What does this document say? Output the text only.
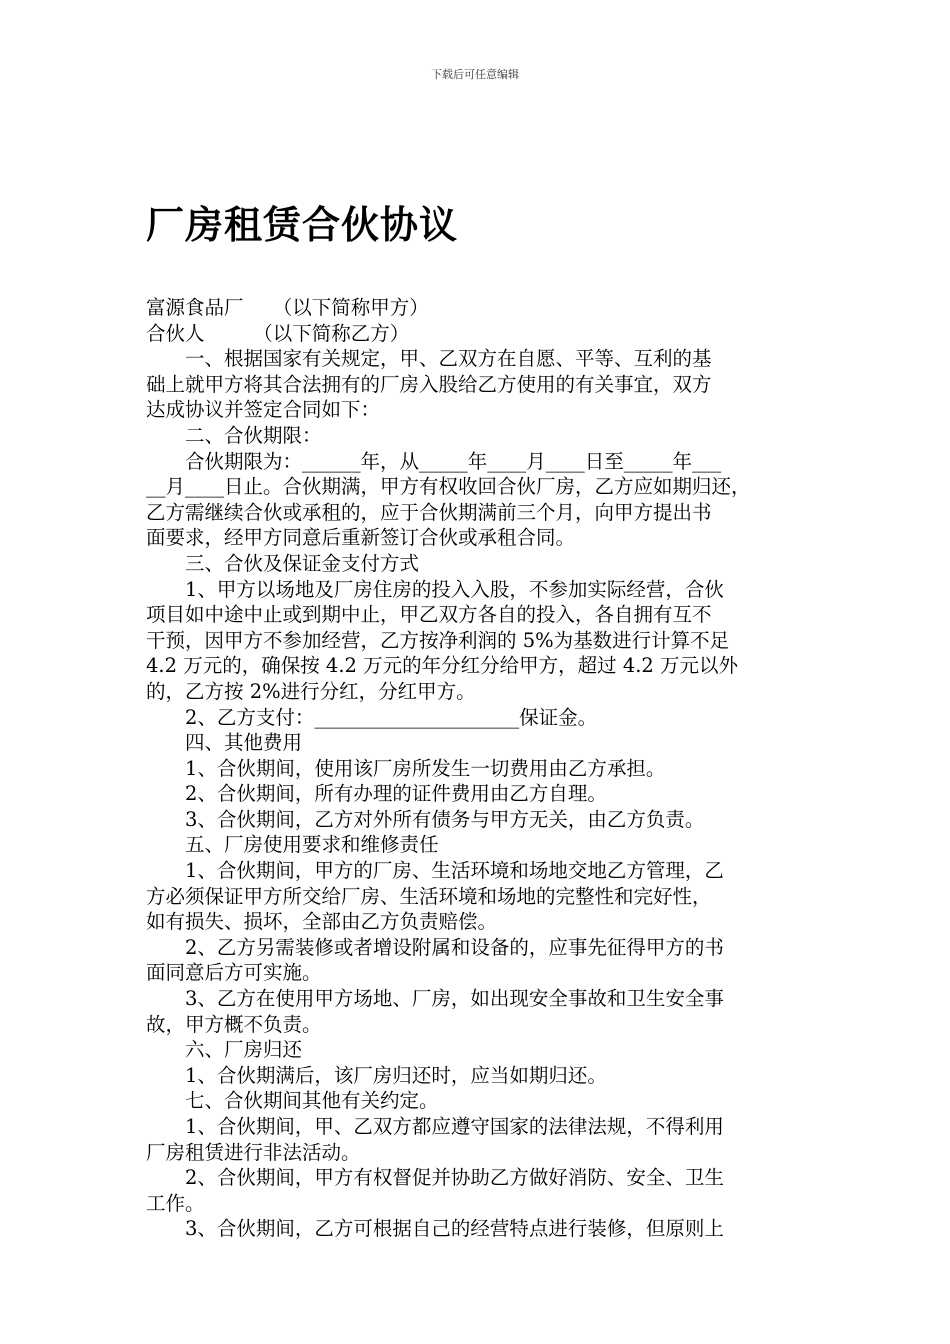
下载后可任意编辑
厂房租赁合伙协议
富源食品厂　　（以下简称甲方）
合伙人　　　（以下简称乙方）
　　一、根据国家有关规定，甲、乙双方在自愿、平等、互利的基
础上就甲方将其合法拥有的厂房入股给乙方使用的有关事宜，双方
达成协议并签定合同如下：
　　二、合伙期限：
　　合伙期限为：______年，从_____年____月____日至_____年___
__月____日止。合伙期满，甲方有权收回合伙厂房，乙方应如期归还，
乙方需继续合伙或承租的，应于合伙期满前三个月，向甲方提出书
面要求，经甲方同意后重新签订合伙或承租合同。
　　三、合伙及保证金支付方式
　　1、甲方以场地及厂房住房的投入入股，不参加实际经营，合伙
项目如中途中止或到期中止，甲乙双方各自的投入，各自拥有互不
干预，因甲方不参加经营，乙方按净利润的 5%为基数进行计算不足
4.2 万元的，确保按 4.2 万元的年分红分给甲方，超过 4.2 万元以外
的，乙方按 2%进行分红，分红甲方。
　　2、乙方支付：_____________________保证金。
　　四、其他费用
　　1、合伙期间，使用该厂房所发生一切费用由乙方承担。
　　2、合伙期间，所有办理的证件费用由乙方自理。
　　3、合伙期间，乙方对外所有债务与甲方无关，由乙方负责。
　　五、厂房使用要求和维修责任
　　1、合伙期间，甲方的厂房、生活环境和场地交地乙方管理，乙
方必须保证甲方所交给厂房、生活环境和场地的完整性和完好性，
如有损失、损坏，全部由乙方负责赔偿。
　　2、乙方另需装修或者增设附属和设备的，应事先征得甲方的书
面同意后方可实施。
　　3、乙方在使用甲方场地、厂房，如出现安全事故和卫生安全事
故，甲方概不负责。
　　六、厂房归还
　　1、合伙期满后，该厂房归还时，应当如期归还。
　　七、合伙期间其他有关约定。
　　1、合伙期间，甲、乙双方都应遵守国家的法律法规，不得利用
厂房租赁进行非法活动。
　　2、合伙期间，甲方有权督促并协助乙方做好消防、安全、卫生
工作。
　　3、合伙期间，乙方可根据自己的经营特点进行装修，但原则上
